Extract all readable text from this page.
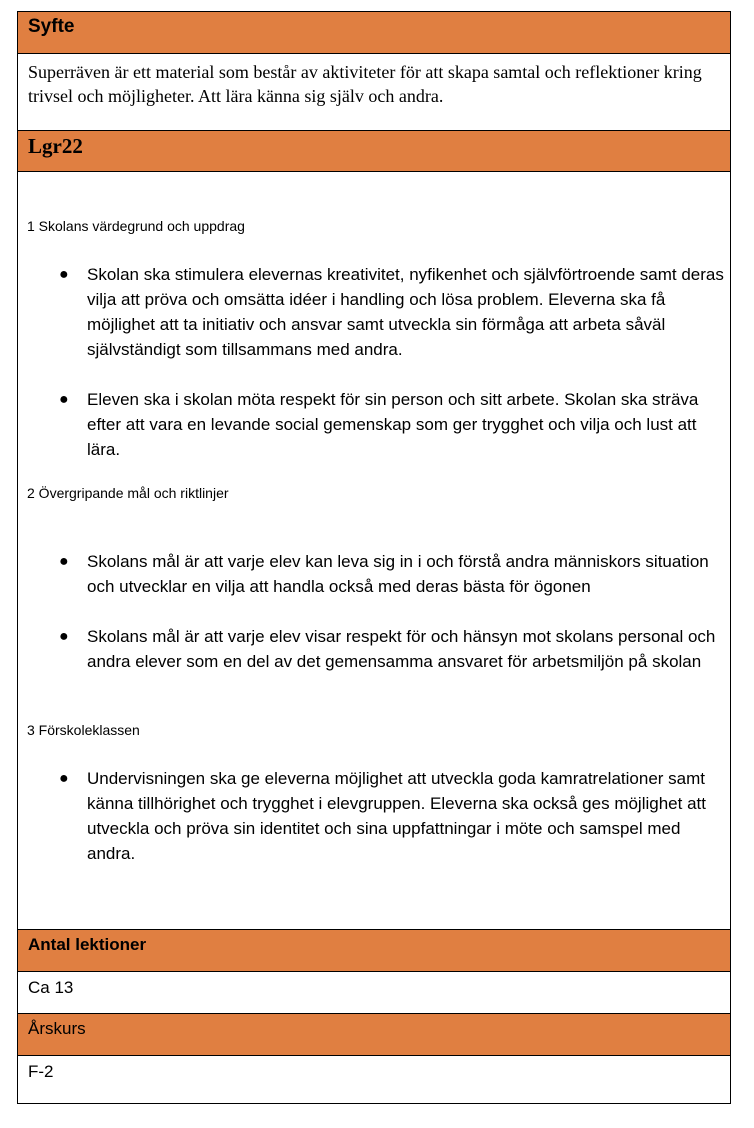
Syfte
Superräven är ett material som består av aktiviteter för att skapa samtal och reflektioner kring trivsel och möjligheter. Att lära känna sig själv och andra.
Lgr22
1 Skolans värdegrund och uppdrag
● Skolan ska stimulera elevernas kreativitet, nyfikenhet och självförtroende samt deras vilja att pröva och omsätta idéer i handling och lösa problem. Eleverna ska få möjlighet att ta initiativ och ansvar samt utveckla sin förmåga att arbeta såväl självständigt som tillsammans med andra.
● Eleven ska i skolan möta respekt för sin person och sitt arbete. Skolan ska sträva efter att vara en levande social gemenskap som ger trygghet och vilja och lust att lära.
2 Övergripande mål och riktlinjer
● Skolans mål är att varje elev kan leva sig in i och förstå andra människors situation och utvecklar en vilja att handla också med deras bästa för ögonen
● Skolans mål är att varje elev visar respekt för och hänsyn mot skolans personal och andra elever som en del av det gemensamma ansvaret för arbetsmiljön på skolan
3 Förskoleklassen
● Undervisningen ska ge eleverna möjlighet att utveckla goda kamratrelationer samt känna tillhörighet och trygghet i elevgruppen. Eleverna ska också ges möjlighet att utveckla och pröva sin identitet och sina uppfattningar i möte och samspel med andra.
Antal lektioner
Ca 13
Årskurs
F-2
